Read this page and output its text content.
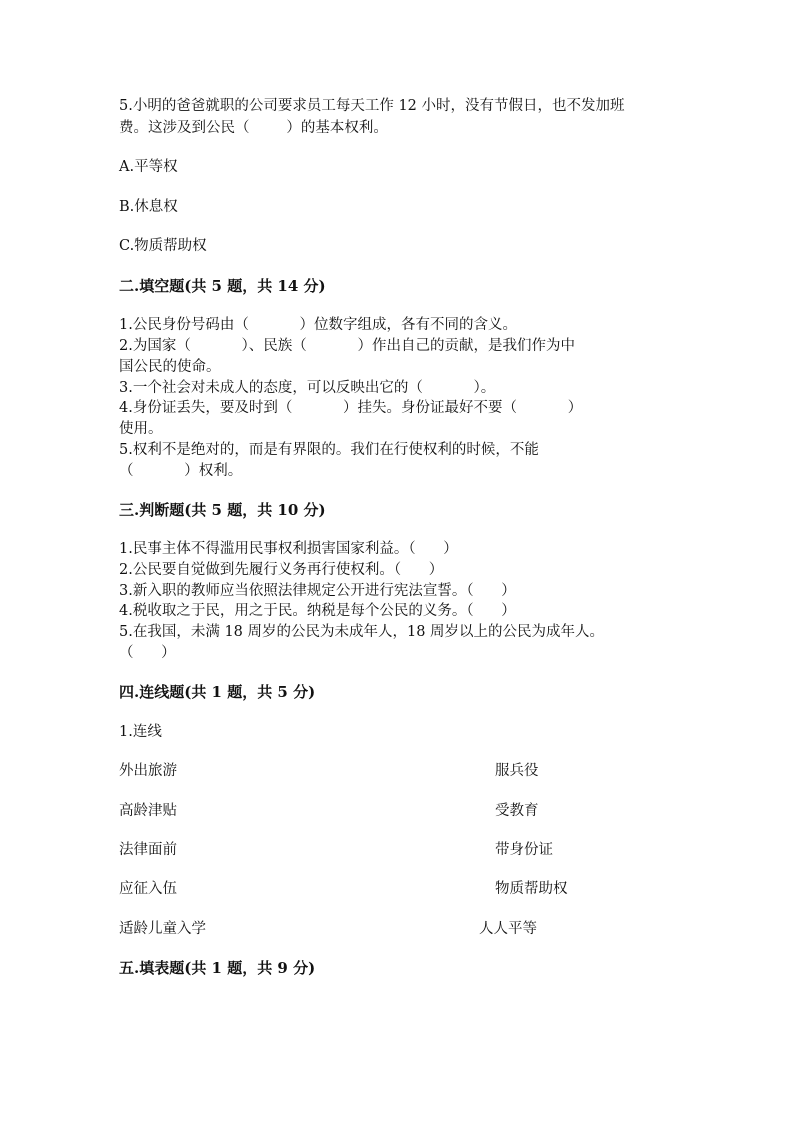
5.小明的爸爸就职的公司要求员工每天工作 12 小时，没有节假日，也不发加班
费。这涉及到公民（        ）的基本权利。
A.平等权
B.休息权
C.物质帮助权
二.填空题(共 5 题，共 14 分)
1.公民身份号码由（           ）位数字组成，各有不同的含义。
2.为国家（           ）、民族（           ）作出自己的贡献，是我们作为中
国公民的使命。
3.一个社会对未成人的态度，可以反映出它的（           ）。
4.身份证丢失，要及时到（           ）挂失。身份证最好不要（           ）
使用。
5.权利不是绝对的，而是有界限的。我们在行使权利的时候，不能
（           ）权利。
三.判断题(共 5 题，共 10 分)
1.民事主体不得滥用民事权利损害国家利益。（      ）
2.公民要自觉做到先履行义务再行使权利。（      ）
3.新入职的教师应当依照法律规定公开进行宪法宣誓。（      ）
4.税收取之于民，用之于民。纳税是每个公民的义务。（      ）
5.在我国，未满 18 周岁的公民为未成年人，18 周岁以上的公民为成年人。
（      ）
四.连线题(共 1 题，共 5 分)
1.连线
外出旅游	服兵役
高龄津贴	受教育
法律面前	带身份证
应征入伍	物质帮助权
适龄儿童入学	人人平等
五.填表题(共 1 题，共 9 分)
